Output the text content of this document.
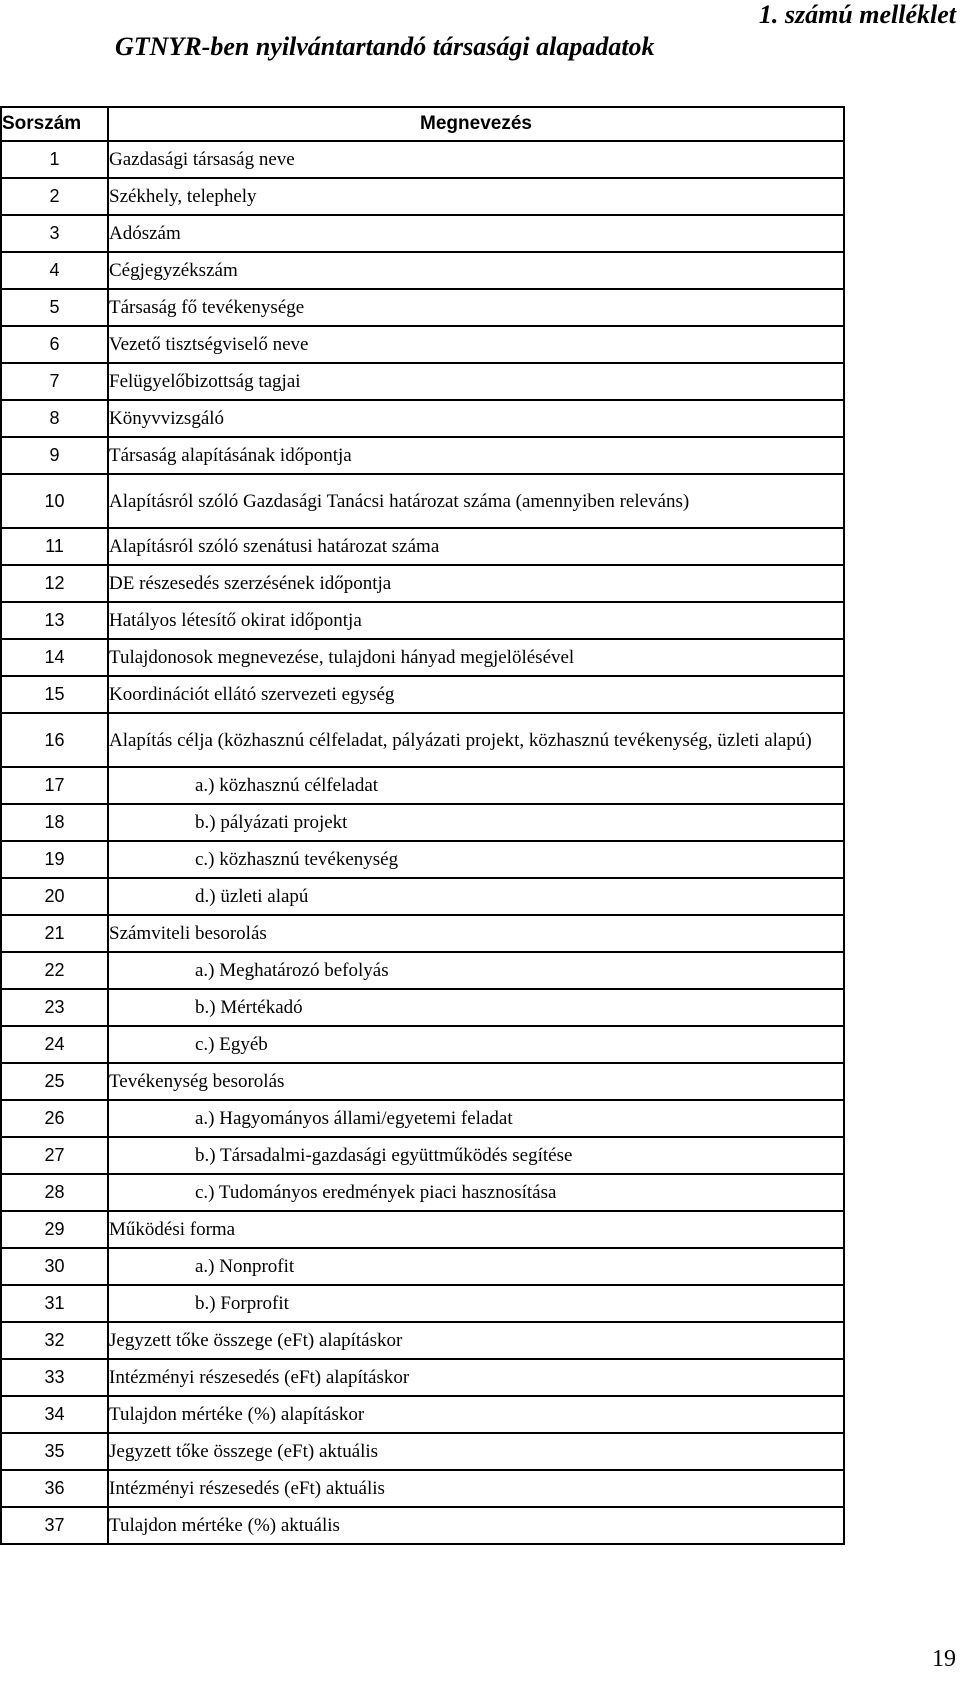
1. számú melléklet
GTNYR-ben nyilvántartandó társasági alapadatok
Sorszám	Megnevezés
1	Gazdasági társaság neve
2	Székhely, telephely
3	Adószám
4	Cégjegyzékszám
5	Társaság fő tevékenysége
6	Vezető tisztségviselő neve
7	Felügyelőbizottság tagjai
8	Könyvvizsgáló
9	Társaság alapításának időpontja
10	Alapításról szóló Gazdasági Tanácsi határozat száma (amennyiben releváns)
11	Alapításról szóló szenátusi határozat száma
12	DE részesedés szerzésének időpontja
13	Hatályos létesítő okirat időpontja
14	Tulajdonosok megnevezése, tulajdoni hányad megjelölésével
15	Koordinációt ellátó szervezeti egység
16	Alapítás célja (közhasznú célfeladat, pályázati projekt, közhasznú tevékenység, üzleti alapú)
17	a.) közhasznú célfeladat
18	b.) pályázati projekt
19	c.) közhasznú tevékenység
20	d.) üzleti alapú
21	Számviteli besorolás
22	a.) Meghatározó befolyás
23	b.) Mértékadó
24	c.) Egyéb
25	Tevékenység besorolás
26	a.) Hagyományos állami/egyetemi feladat
27	b.) Társadalmi-gazdasági együttműködés segítése
28	c.) Tudományos eredmények piaci hasznosítása
29	Működési forma
30	a.) Nonprofit
31	b.) Forprofit
32	Jegyzett tőke összege (eFt) alapításkor
33	Intézményi részesedés (eFt) alapításkor
34	Tulajdon mértéke (%) alapításkor
35	Jegyzett tőke összege (eFt) aktuális
36	Intézményi részesedés (eFt) aktuális
37	Tulajdon mértéke (%) aktuális
19
